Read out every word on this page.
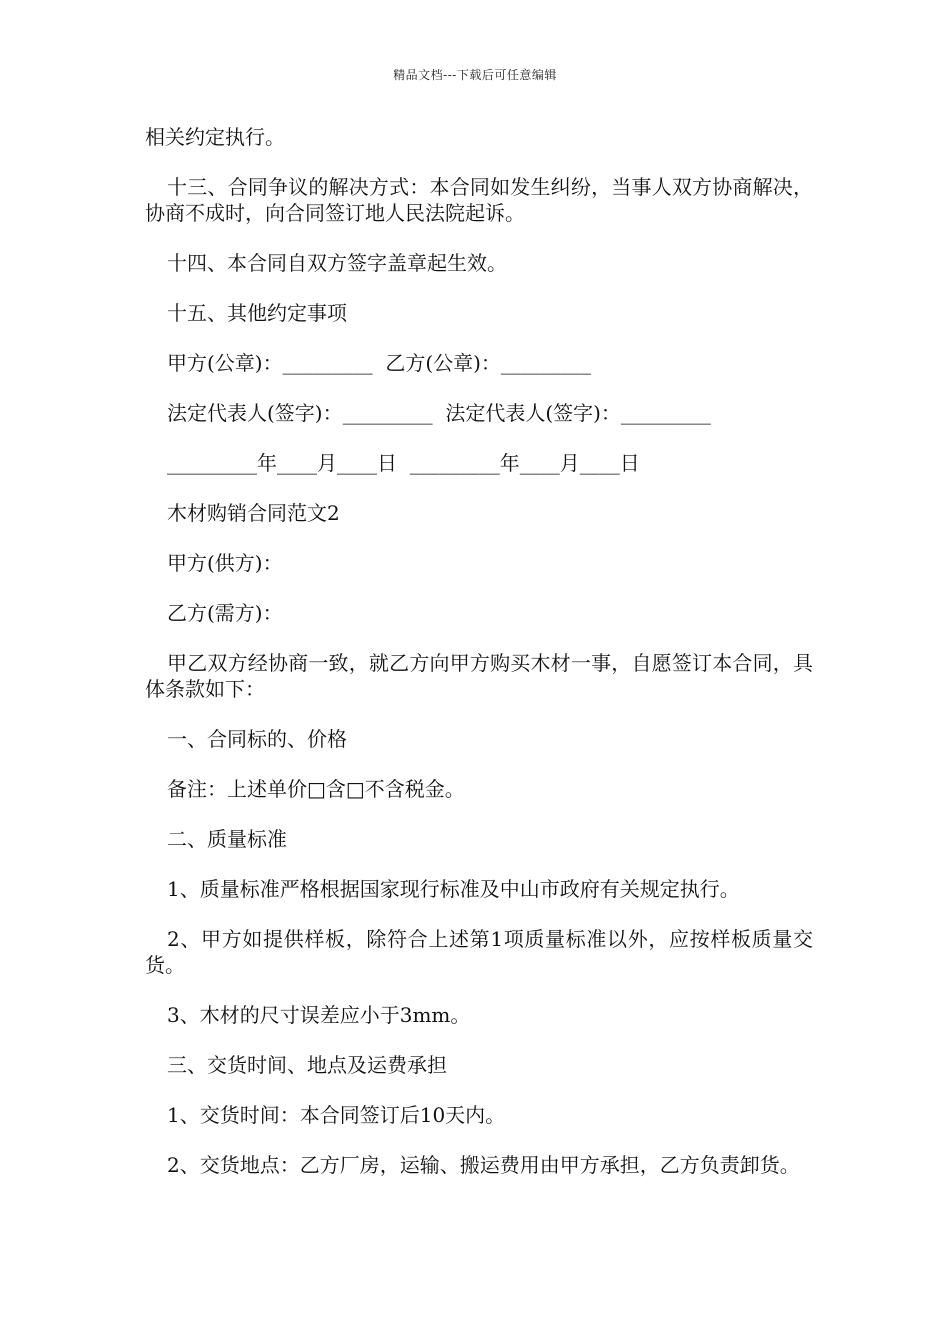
精品文档---下载后可任意编辑

相关约定执行。

十三、合同争议的解决方式：本合同如发生纠纷，当事人双方协商解决，协商不成时，向合同签订地人民法院起诉。

十四、本合同自双方签字盖章起生效。

十五、其他约定事项

甲方(公章)：_________  乙方(公章)：_________

法定代表人(签字)：_________  法定代表人(签字)：_________

_________年____月____日  _________年____月____日

木材购销合同范文2

甲方(供方)：

乙方(需方)：

甲乙双方经协商一致，就乙方向甲方购买木材一事，自愿签订本合同，具体条款如下：

一、合同标的、价格

备注：上述单价□含□不含税金。

二、质量标准

1、质量标准严格根据国家现行标准及中山市政府有关规定执行。

2、甲方如提供样板，除符合上述第1项质量标准以外，应按样板质量交货。

3、木材的尺寸误差应小于3mm。

三、交货时间、地点及运费承担

1、交货时间：本合同签订后10天内。

2、交货地点：乙方厂房，运输、搬运费用由甲方承担，乙方负责卸货。
